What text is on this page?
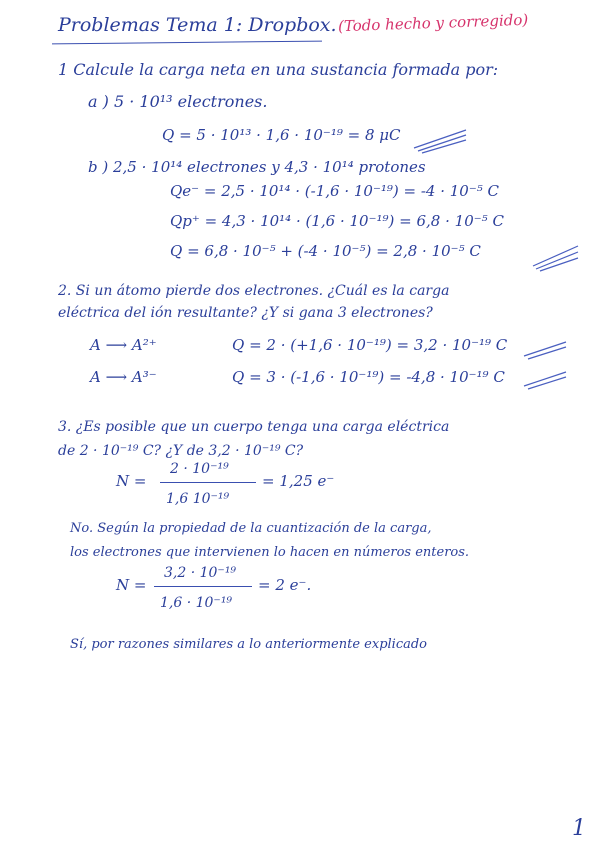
Problemas Tema 1: Dropbox. (Todo hecho y corregido)
1 Calcule la carga neta en una sustancia formada por:
a ) 5 · 10¹³ electrones.
Q = 5 · 10¹³ · 1,6 · 10⁻¹⁹ = 8 μC
b ) 2,5 · 10¹⁴ electrones y 4,3 · 10¹⁴ protones
Qe⁻ = 2,5 · 10¹⁴ · (-1,6 · 10⁻¹⁹) = -4 · 10⁻⁵ C
Qp⁺ = 4,3 · 10¹⁴ · (1,6 · 10⁻¹⁹) = 6,8 · 10⁻⁵ C
Q = 6,8 · 10⁻⁵ + (-4 · 10⁻⁵) = 2,8 · 10⁻⁵ C
2. Si un átomo pierde dos electrones. ¿Cuál es la carga
eléctrica del ión resultante? ¿Y si gana 3 electrones?
A ⟶ A²⁺	Q = 2 · (+1,6 · 10⁻¹⁹) = 3,2 · 10⁻¹⁹ C
A ⟶ A³⁻	Q = 3 · (-1,6 · 10⁻¹⁹) = -4,8 · 10⁻¹⁹ C
3. ¿Es posible que un cuerpo tenga una carga eléctrica
de 2 · 10⁻¹⁹ C? ¿Y de 3,2 · 10⁻¹⁹ C?
N =
2 · 10⁻¹⁹
1,6 10⁻¹⁹
= 1,25 e⁻
No. Según la propiedad de la cuantización de la carga,
los electrones que intervienen lo hacen en números enteros.
N =
3,2 · 10⁻¹⁹
1,6 · 10⁻¹⁹
= 2 e⁻.
Sí, por razones similares a lo anteriormente explicado
1
